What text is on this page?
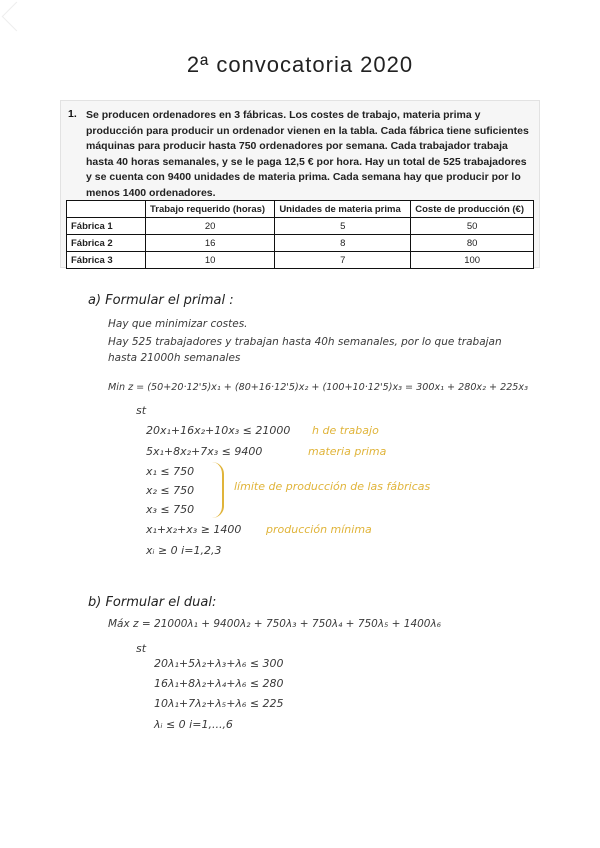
2ª convocatoria 2020
1. Se producen ordenadores en 3 fábricas. Los costes de trabajo, materia prima y producción para producir un ordenador vienen en la tabla. Cada fábrica tiene suficientes máquinas para producir hasta 750 ordenadores por semana. Cada trabajador trabaja hasta 40 horas semanales, y se le paga 12,5 € por hora. Hay un total de 525 trabajadores y se cuenta con 9400 unidades de materia prima. Cada semana hay que producir por lo menos 1400 ordenadores.
	Trabajo requerido (horas)	Unidades de materia prima	Coste de producción (€)
Fábrica 1	20	5	50
Fábrica 2	16	8	80
Fábrica 3	10	7	100
a) Formular el primal :
Hay que minimizar costes.
Hay 525 trabajadores y trabajan hasta 40h semanales, por lo que trabajan
hasta 21000h semanales
Min z = (50+20·12'5)x₁ + (80+16·12'5)x₂ + (100+10·12'5)x₃ = 300x₁ + 280x₂ + 225x₃
st
20x₁+16x₂+10x₃ ≤ 21000 h de trabajo
5x₁+8x₂+7x₃ ≤ 9400	materia prima
x₁ ≤ 750
x₂ ≤ 750
x₃ ≤ 750
límite de producción de las fábricas
x₁+x₂+x₃ ≥ 1400 producción mínima
xᵢ ≥ 0 i=1,2,3
b) Formular el dual:
Máx z = 21000λ₁ + 9400λ₂ + 750λ₃ + 750λ₄ + 750λ₅ + 1400λ₆
st
20λ₁+5λ₂+λ₃+λ₆ ≤ 300
16λ₁+8λ₂+λ₄+λ₆ ≤ 280
10λ₁+7λ₂+λ₅+λ₆ ≤ 225
λᵢ ≤ 0 i=1,...,6
